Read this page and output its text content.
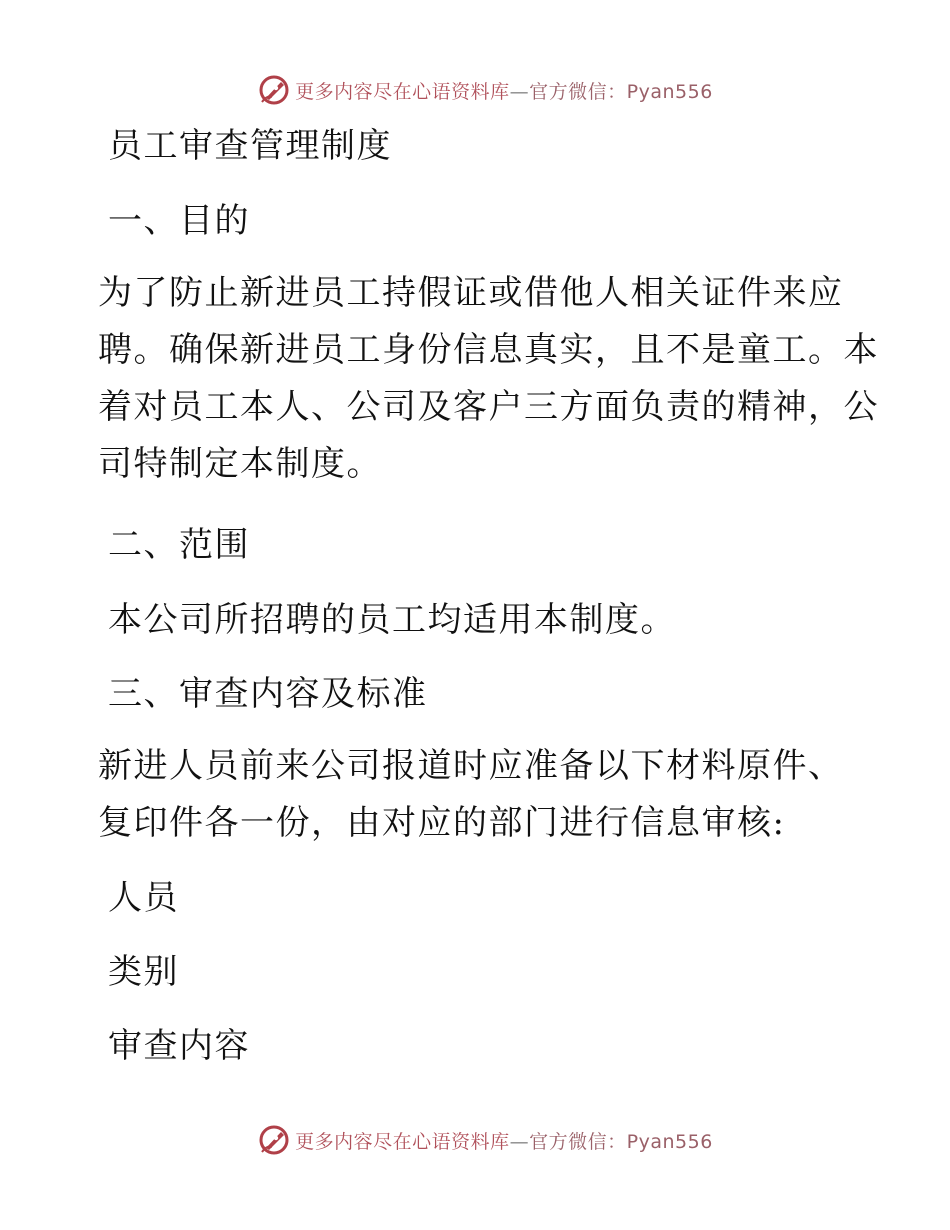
更多内容尽在心语资料库—官方微信：Pyan556
员工审查管理制度
一、目的
为了防止新进员工持假证或借他人相关证件来应
聘。确保新进员工身份信息真实，且不是童工。本
着对员工本人、公司及客户三方面负责的精神，公
司特制定本制度。
二、范围
本公司所招聘的员工均适用本制度。
三、审查内容及标准
新进人员前来公司报道时应准备以下材料原件、
复印件各一份，由对应的部门进行信息审核:
人员
类别
审查内容
更多内容尽在心语资料库—官方微信：Pyan556
